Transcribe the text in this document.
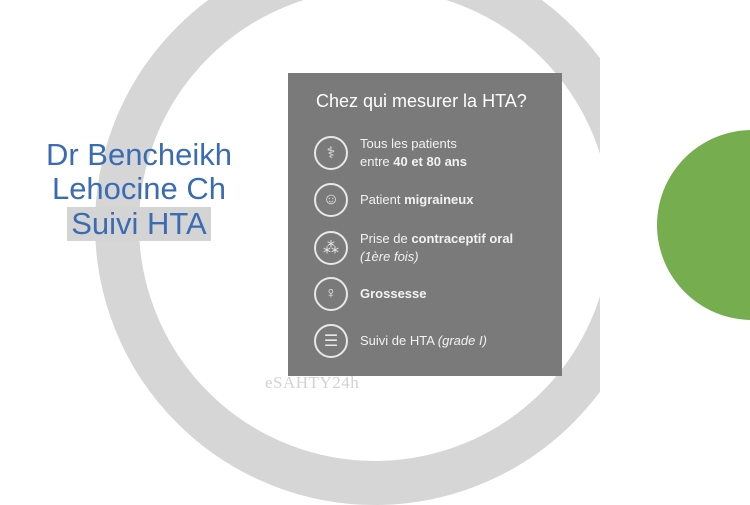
Dr Bencheikh
Lehocine Ch
Suivi HTA
Chez qui mesurer la HTA?
⚕
Tous les patients
entre 40 et 80 ans
☺	Patient migraineux
⁂
Prise de contraceptif oral
(1ère fois)
♀	Grossesse
☰	Suivi de HTA (grade I)
eSAHTY24h
